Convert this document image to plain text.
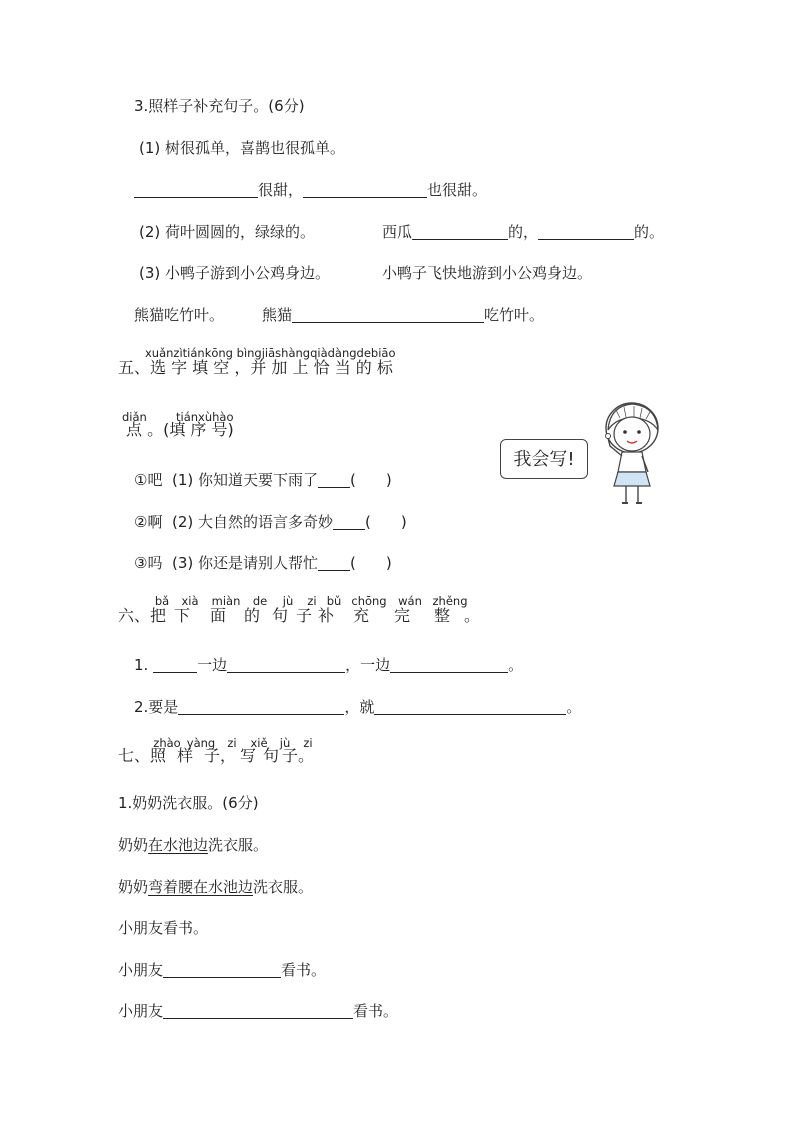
3.照样子补充句子。(6分)
(1) 树很孤单，喜鹊也很孤单。
很甜，	也很甜。
(2) 荷叶圆圆的，绿绿的。	西瓜	的，	的。
(3) 小鸭子游到小公鸡身边。	小鸭子飞快地游到小公鸡身边。
熊猫吃竹叶。	熊猫	吃竹叶。
xuǎnzìtiánkōng bìngjiāshàngqiàdàngdebiāo
五、选 字 填 空 ，并 加 上 恰 当 的 标
diǎn	tiánxùhào
点 。(填 序 号)
①吧 (1) 你知道天要下雨了 (　　)
②啊 (2) 大自然的语言多奇妙 (　　)
③吗 (3) 你还是请别人帮忙 (　　)
我会写!
bǎ xià miàn de jù zi bǔ chōng wán zhěng
六、把 下 面 的 句 子 补 充 完 整 。
1.	一边	，一边	。
2.要是	，就	。
zhào yàng zi xiě jù zi
七、照 样 子， 写 句 子。
1.奶奶洗衣服。(6分)
奶奶在水池边洗衣服。
奶奶弯着腰在水池边洗衣服。
小朋友看书。
小朋友	看书。
小朋友	看书。
